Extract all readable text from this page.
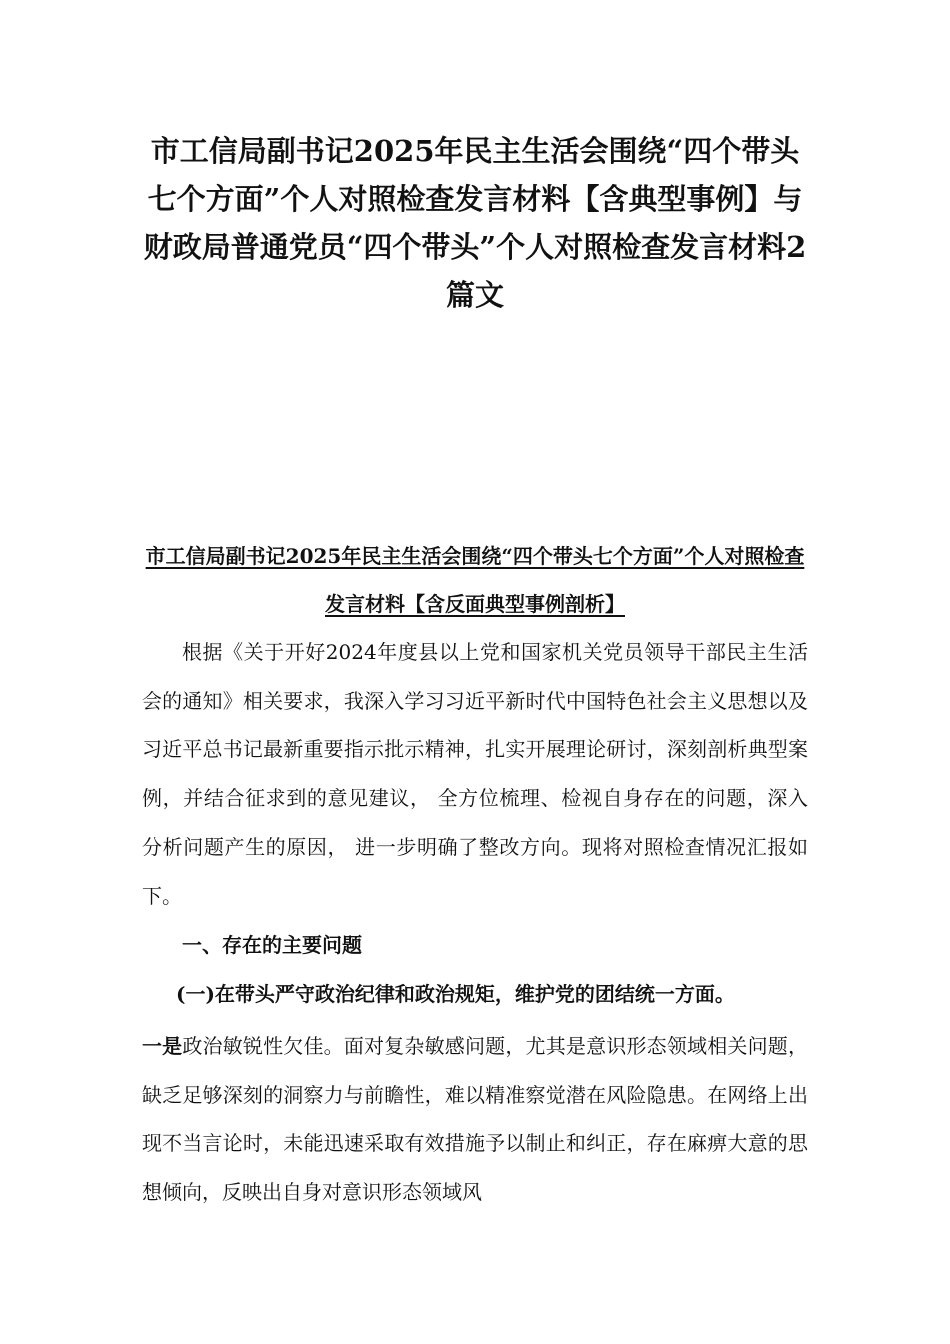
市工信局副书记2025年民主生活会围绕“四个带头七个方面”个人对照检查发言材料【含典型事例】与财政局普通党员“四个带头”个人对照检查发言材料2篇文
市工信局副书记2025年民主生活会围绕“四个带头七个方面”个人对照检查发言材料【含反面典型事例剖析】

根据《关于开好2024年度县以上党和国家机关党员领导干部民主生活会的通知》相关要求，我深入学习习近平新时代中国特色社会主义思想以及习近平总书记最新重要指示批示精神，扎实开展理论研讨，深刻剖析典型案例，并结合征求到的意见建议， 全方位梳理、检视自身存在的问题，深入分析问题产生的原因， 进一步明确了整改方向。现将对照检查情况汇报如下。

一、存在的主要问题
(一)在带头严守政治纪律和政治规矩，维护党的团结统一方面。

一是政治敏锐性欠佳。面对复杂敏感问题，尤其是意识形态领域相关问题，缺乏足够深刻的洞察力与前瞻性，难以精准察觉潜在风险隐患。在网络上出现不当言论时，未能迅速采取有效措施予以制止和纠正，存在麻痹大意的思想倾向，反映出自身对意识形态领域风
